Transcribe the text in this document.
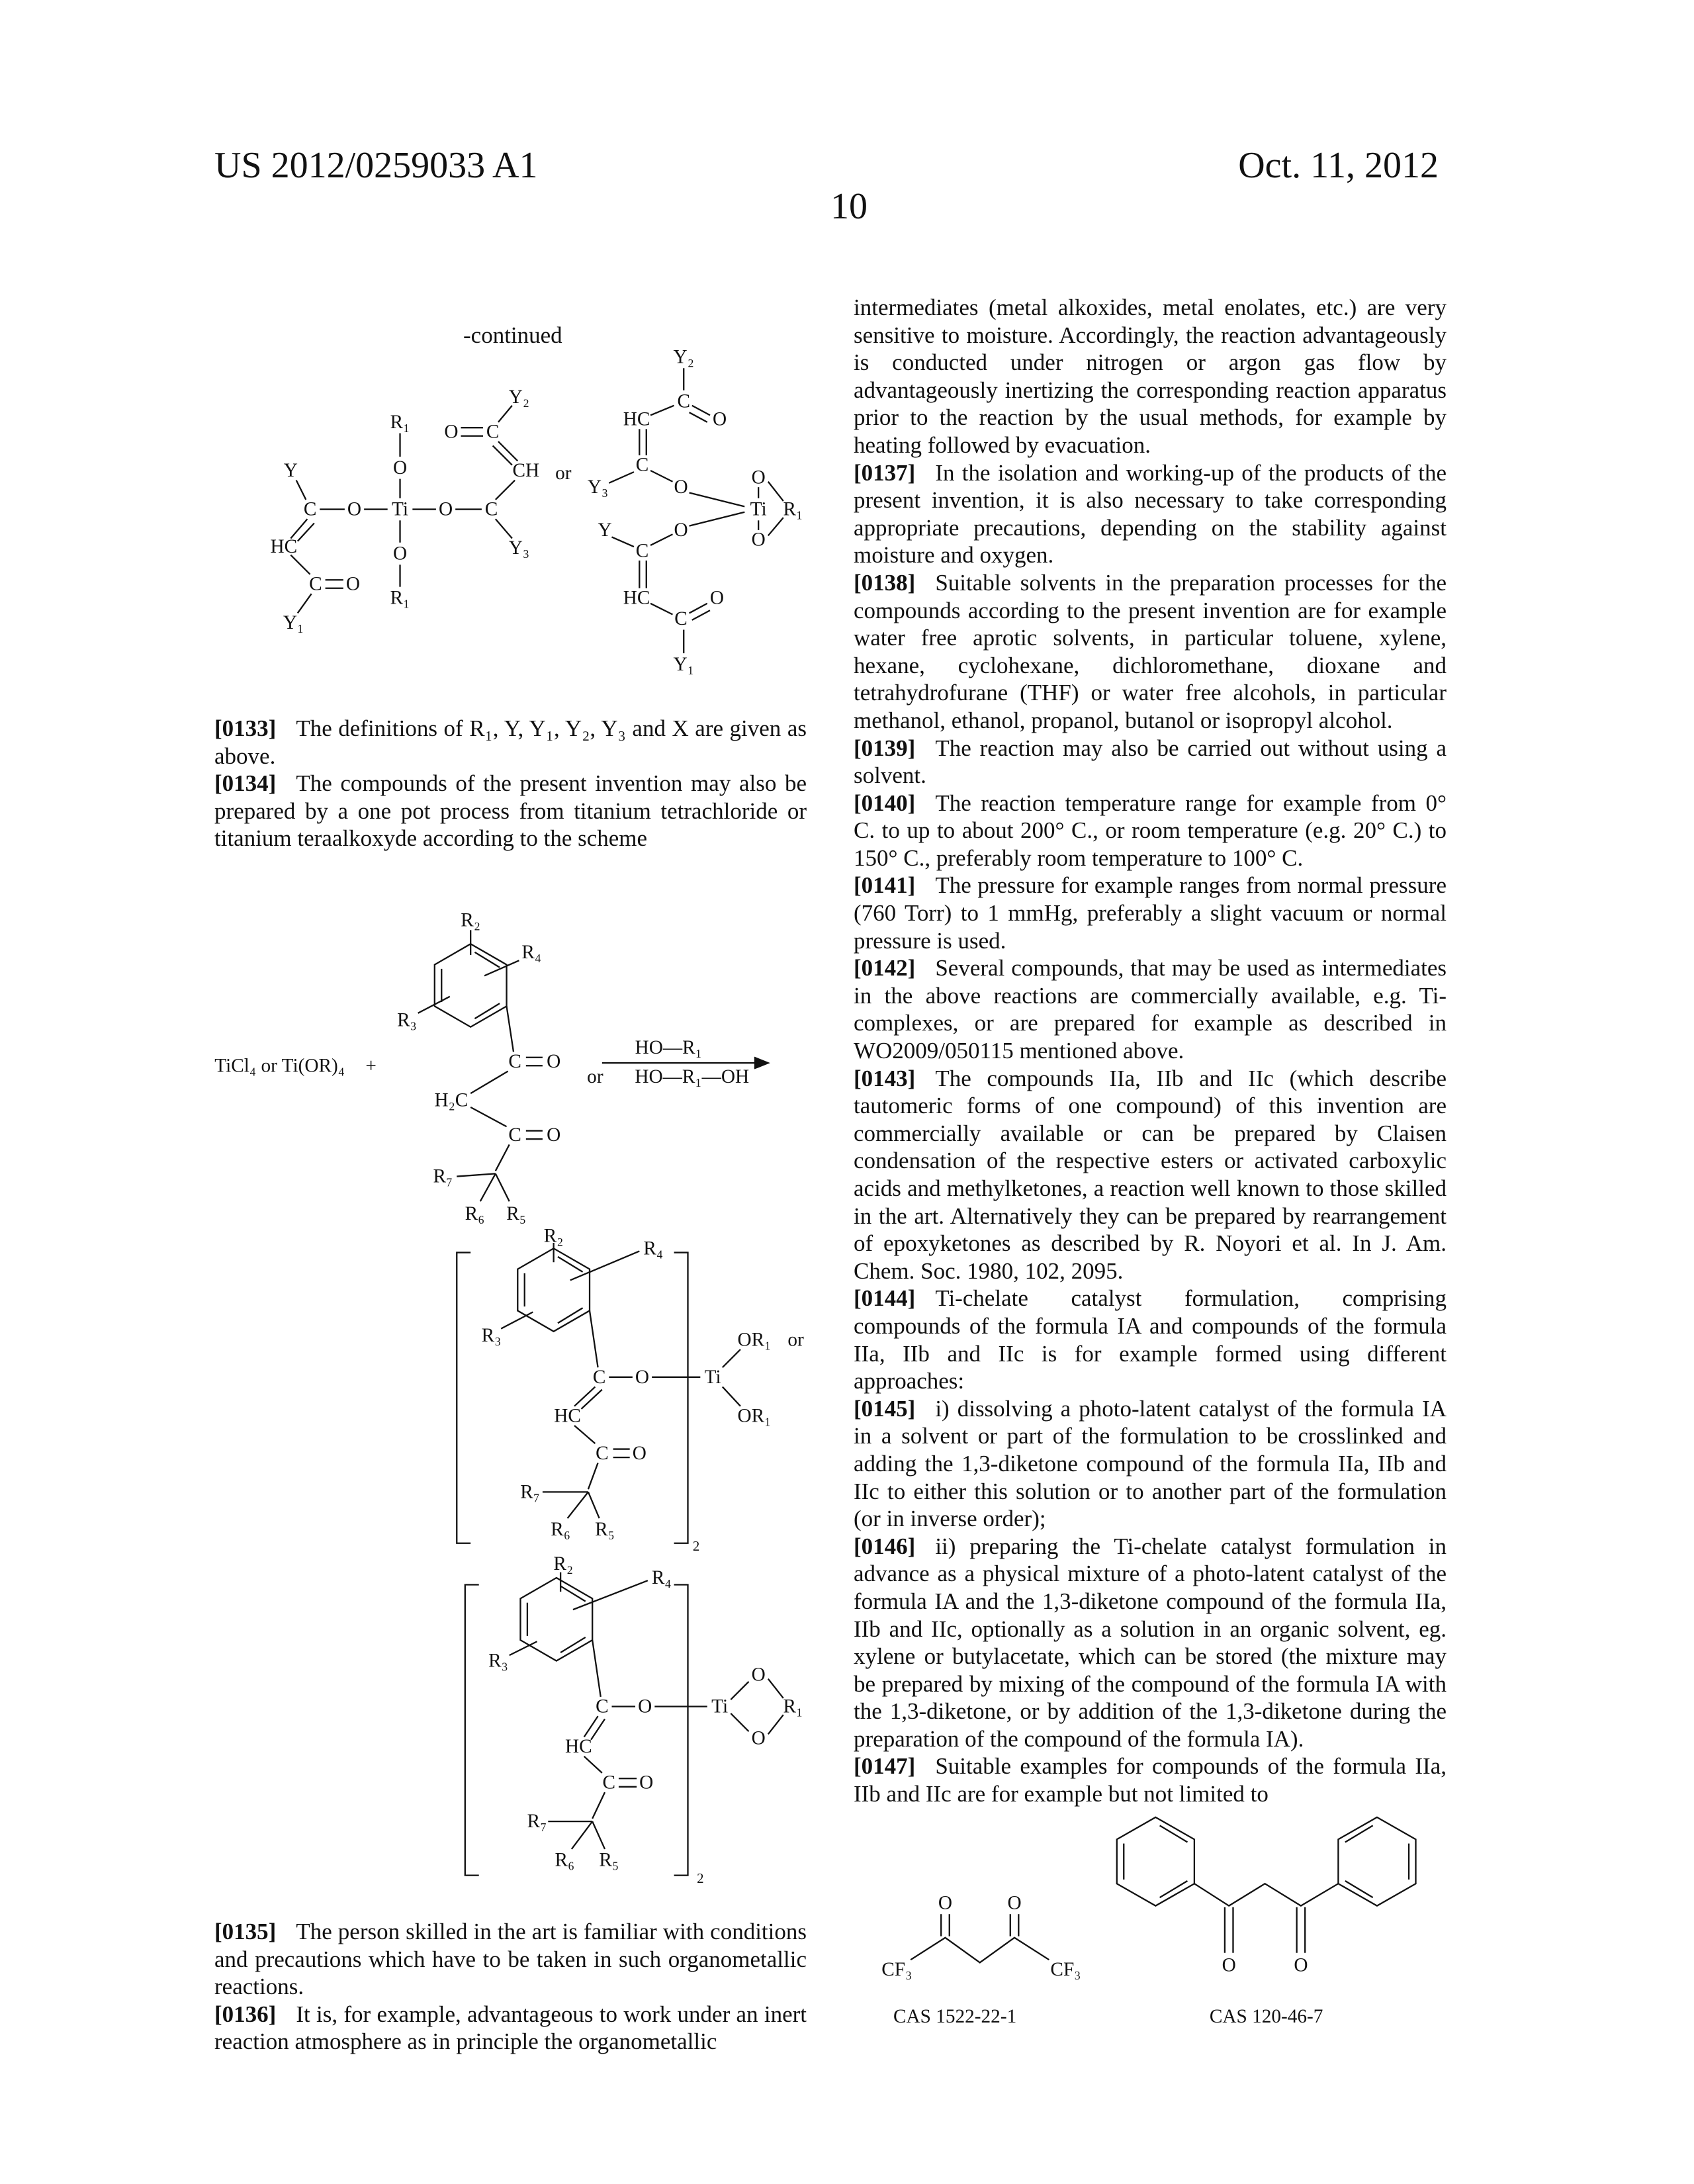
US 2012/0259033 A1	Oct. 11, 2012
10
-continued

[0133] The definitions of R₁, Y, Y₁, Y₂, Y₃ and X are given as above.

[0134] The compounds of the present invention may also be prepared by a one pot process from titanium tetrachloride or titanium teraalkoxyde according to the scheme

[0135] The person skilled in the art is familiar with conditions and precautions which have to be taken in such organometallic reactions.

[0136] It is, for example, advantageous to work under an inert reaction atmosphere as in principle the organometallic

intermediates (metal alkoxides, metal enolates, etc.) are very sensitive to moisture. Accordingly, the reaction advantageously is conducted under nitrogen or argon gas flow by advantageously inertizing the corresponding reaction apparatus prior to the reaction by the usual methods, for example by heating followed by evacuation.

[0137] In the isolation and working-up of the products of the present invention, it is also necessary to take corresponding appropriate precautions, depending on the stability against moisture and oxygen.

[0138] Suitable solvents in the preparation processes for the compounds according to the present invention are for example water free aprotic solvents, in particular toluene, xylene, hexane, cyclohexane, dichloromethane, dioxane and tetrahydrofurane (THF) or water free alcohols, in particular methanol, ethanol, propanol, butanol or isopropyl alcohol.

[0139] The reaction may also be carried out without using a solvent.

[0140] The reaction temperature range for example from 0° C. to up to about 200° C., or room temperature (e.g. 20° C.) to 150° C., preferably room temperature to 100° C.

[0141] The pressure for example ranges from normal pressure (760 Torr) to 1 mmHg, preferably a slight vacuum or normal pressure is used.

[0142] Several compounds, that may be used as intermediates in the above reactions are commercially available, e.g. Ti-complexes, or are prepared for example as described in WO2009/050115 mentioned above.

[0143] The compounds IIa, IIb and IIc (which describe tautomeric forms of one compound) of this invention are commercially available or can be prepared by Claisen condensation of the respective esters or activated carboxylic acids and methylketones, a reaction well known to those skilled in the art. Alternatively they can be prepared by rearrangement of epoxyketones as described by R. Noyori et al. In J. Am. Chem. Soc. 1980, 102, 2095.

[0144] Ti-chelate catalyst formulation, comprising compounds of the formula IA and compounds of the formula IIa, IIb and IIc is for example formed using different approaches:

[0145] i) dissolving a photo-latent catalyst of the formula IA in a solvent or part of the formulation to be crosslinked and adding the 1,3-diketone compound of the formula IIa, IIb and IIc to either this solution or to another part of the formulation (or in inverse order);

[0146] ii) preparing the Ti-chelate catalyst formulation in advance as a physical mixture of a photo-latent catalyst of the formula IA and the 1,3-diketone compound of the formula IIa, IIb and IIc, optionally as a solution in an organic solvent, eg. xylene or butylacetate, which can be stored (the mixture may be prepared by mixing of the compound of the formula IA with the 1,3-diketone, or by addition of the 1,3-diketone during the preparation of the compound of the formula IA).

[0147] Suitable examples for compounds of the formula IIa, IIb and IIc are for example but not limited to

R₁
O
Ti
O
R₁
Y
C	O	O	C
HC
C	O
Y₁
O	C
Y₂
CH
Y₃
or
Y₂
C
O
HC
C
Y₃	O
Ti
O
R₁
O
O
Y
C
HC
C
O
Y₁
R₂
R₄
R₃
C	O
H₂C
C	O
R₇
R₆ R₅
TiCl₄ or Ti(OR)₄ +
HO—R₁
or	HO—R₁—OH
R₂
R₄
R₃
C	O	Ti
OR₁ or
OR₁
HC
C	O
R₇
R₆	R₅
2
R₂
R₄
R₃
C	O	Ti
O
R₁
O
HC
C	O
R₇
R₆	R₅
2
O	O
CF₃	CF₃
CAS 1522-22-1
O	O
CAS 120-46-7
